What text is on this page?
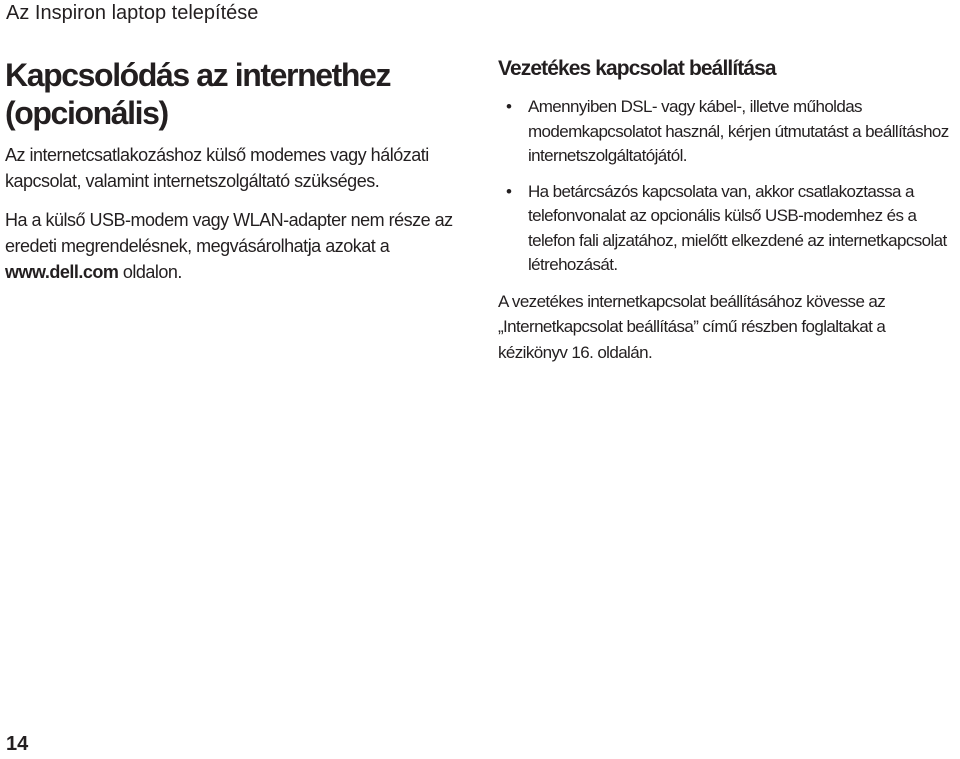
Az Inspiron laptop telepítése
Kapcsolódás az internethez (opcionális)

Az internetcsatlakozáshoz külső modemes vagy hálózati kapcsolat, valamint internetszolgáltató szükséges.

Ha a külső USB-modem vagy WLAN-adapter nem része az eredeti megrendelésnek, megvásárolhatja azokat a www.dell.com oldalon.

Vezetékes kapcsolat beállítása
• Amennyiben DSL- vagy kábel-, illetve műholdas modemkapcsolatot használ, kérjen útmutatást a beállításhoz internetszolgáltatójától.
• Ha betárcsázós kapcsolata van, akkor csatlakoztassa a telefonvonalat az opcionális külső USB-modemhez és a telefon fali aljzatához, mielőtt elkezdené az internetkapcsolat létrehozását.

A vezetékes internetkapcsolat beállításához kövesse az „Internetkapcsolat beállítása” című részben foglaltakat a kézikönyv 16. oldalán.

14
